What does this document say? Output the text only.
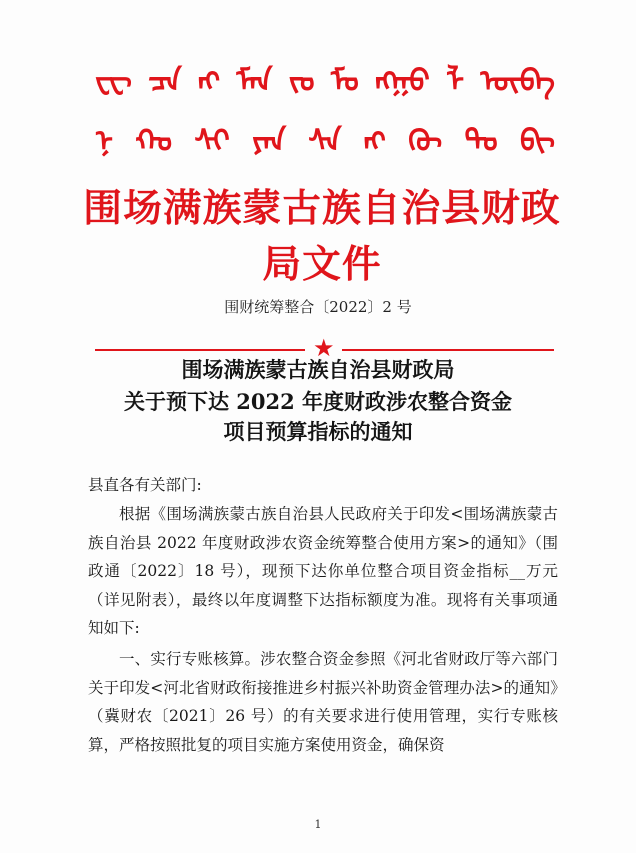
ᠸᠧ ᠴᠠ ᠩ ᠮᠠᠨ ᠵᠤ ᠮᠣ ᠩᠭᠣ ᠯ ᠥᠪᠡ
ᠨ ᠬᠤ ᠰᠢ ᠶᠠᠨ ᠰᠠ ᠩ ᠬᠦ ᠲᠣ ᠪᠢ
围场满族蒙古族自治县财政局文件
围财统筹整合〔2022〕2 号
★
围场满族蒙古族自治县财政局
关于预下达 2022 年度财政涉农整合资金
项目预算指标的通知
县直各有关部门:
根据《围场满族蒙古族自治县人民政府关于印发<围场满族蒙古族自治县 2022 年度财政涉农资金统筹整合使用方案>的通知》（围政通〔2022〕18 号），现预下达你单位整合项目资金指标__万元（详见附表），最终以年度调整下达指标额度为准。现将有关事项通知如下:
一、实行专账核算。涉农整合资金参照《河北省财政厅等六部门关于印发<河北省财政衔接推进乡村振兴补助资金管理办法>的通知》（冀财农〔2021〕26 号）的有关要求进行使用管理，实行专账核算，严格按照批复的项目实施方案使用资金，确保资
1
